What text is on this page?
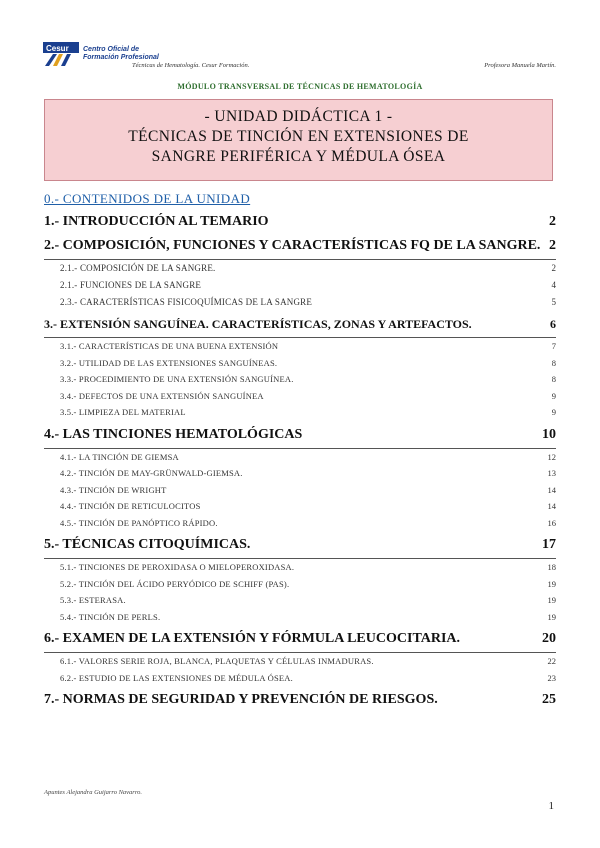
Cesur Centro Oficial de
Formación Profesional
Técnicas de Hematología. Cesur Formación.	Profesora Manuela Martín.
MÓDULO TRANSVERSAL DE TÉCNICAS DE HEMATOLOGÍA
- UNIDAD DIDÁCTICA 1 -
TÉCNICAS DE TINCIÓN EN EXTENSIONES DE
SANGRE PERIFÉRICA Y MÉDULA ÓSEA
0.- CONTENIDOS DE LA UNIDAD
1.- INTRODUCCIÓN AL TEMARIO	2
2.- COMPOSICIÓN, FUNCIONES Y CARACTERÍSTICAS FQ DE LA SANGRE. 2
2.1.- COMPOSICIÓN DE LA SANGRE.	2
2.1.- FUNCIONES DE LA SANGRE	4
2.3.- CARACTERÍSTICAS FISICOQUÍMICAS DE LA SANGRE	5
3.- EXTENSIÓN SANGUÍNEA. CARACTERÍSTICAS, ZONAS Y ARTEFACTOS.	6
3.1.- CARACTERÍSTICAS DE UNA BUENA EXTENSIÓN	7
3.2.- UTILIDAD DE LAS EXTENSIONES SANGUÍNEAS.	8
3.3.- PROCEDIMIENTO DE UNA EXTENSIÓN SANGUÍNEA.	8
3.4.- DEFECTOS DE UNA EXTENSIÓN SANGUÍNEA	9
3.5.- LIMPIEZA DEL MATERIAL	9
4.- LAS TINCIONES HEMATOLÓGICAS	10
4.1.- LA TINCIÓN DE GIEMSA	12
4.2.- TINCIÓN DE MAY-GRÜNWALD-GIEMSA.	13
4.3.- TINCIÓN DE WRIGHT	14
4.4.- TINCIÓN DE RETICULOCITOS	14
4.5.- TINCIÓN DE PANÓPTICO RÁPIDO.	16
5.- TÉCNICAS CITOQUÍMICAS.	17
5.1.- TINCIONES DE PEROXIDASA O MIELOPEROXIDASA.	18
5.2.- TINCIÓN DEL ÁCIDO PERYÓDICO DE SCHIFF (PAS).	19
5.3.- ESTERASA.	19
5.4.- TINCIÓN DE PERLS.	19
6.- EXAMEN DE LA EXTENSIÓN Y FÓRMULA LEUCOCITARIA.	20
6.1.- VALORES SERIE ROJA, BLANCA, PLAQUETAS Y CÉLULAS INMADURAS.	22
6.2.- ESTUDIO DE LAS EXTENSIONES DE MÉDULA ÓSEA.	23
7.- NORMAS DE SEGURIDAD Y PREVENCIÓN DE RIESGOS.	25
Apuntes Alejandra Guijarro Navarro.
1
